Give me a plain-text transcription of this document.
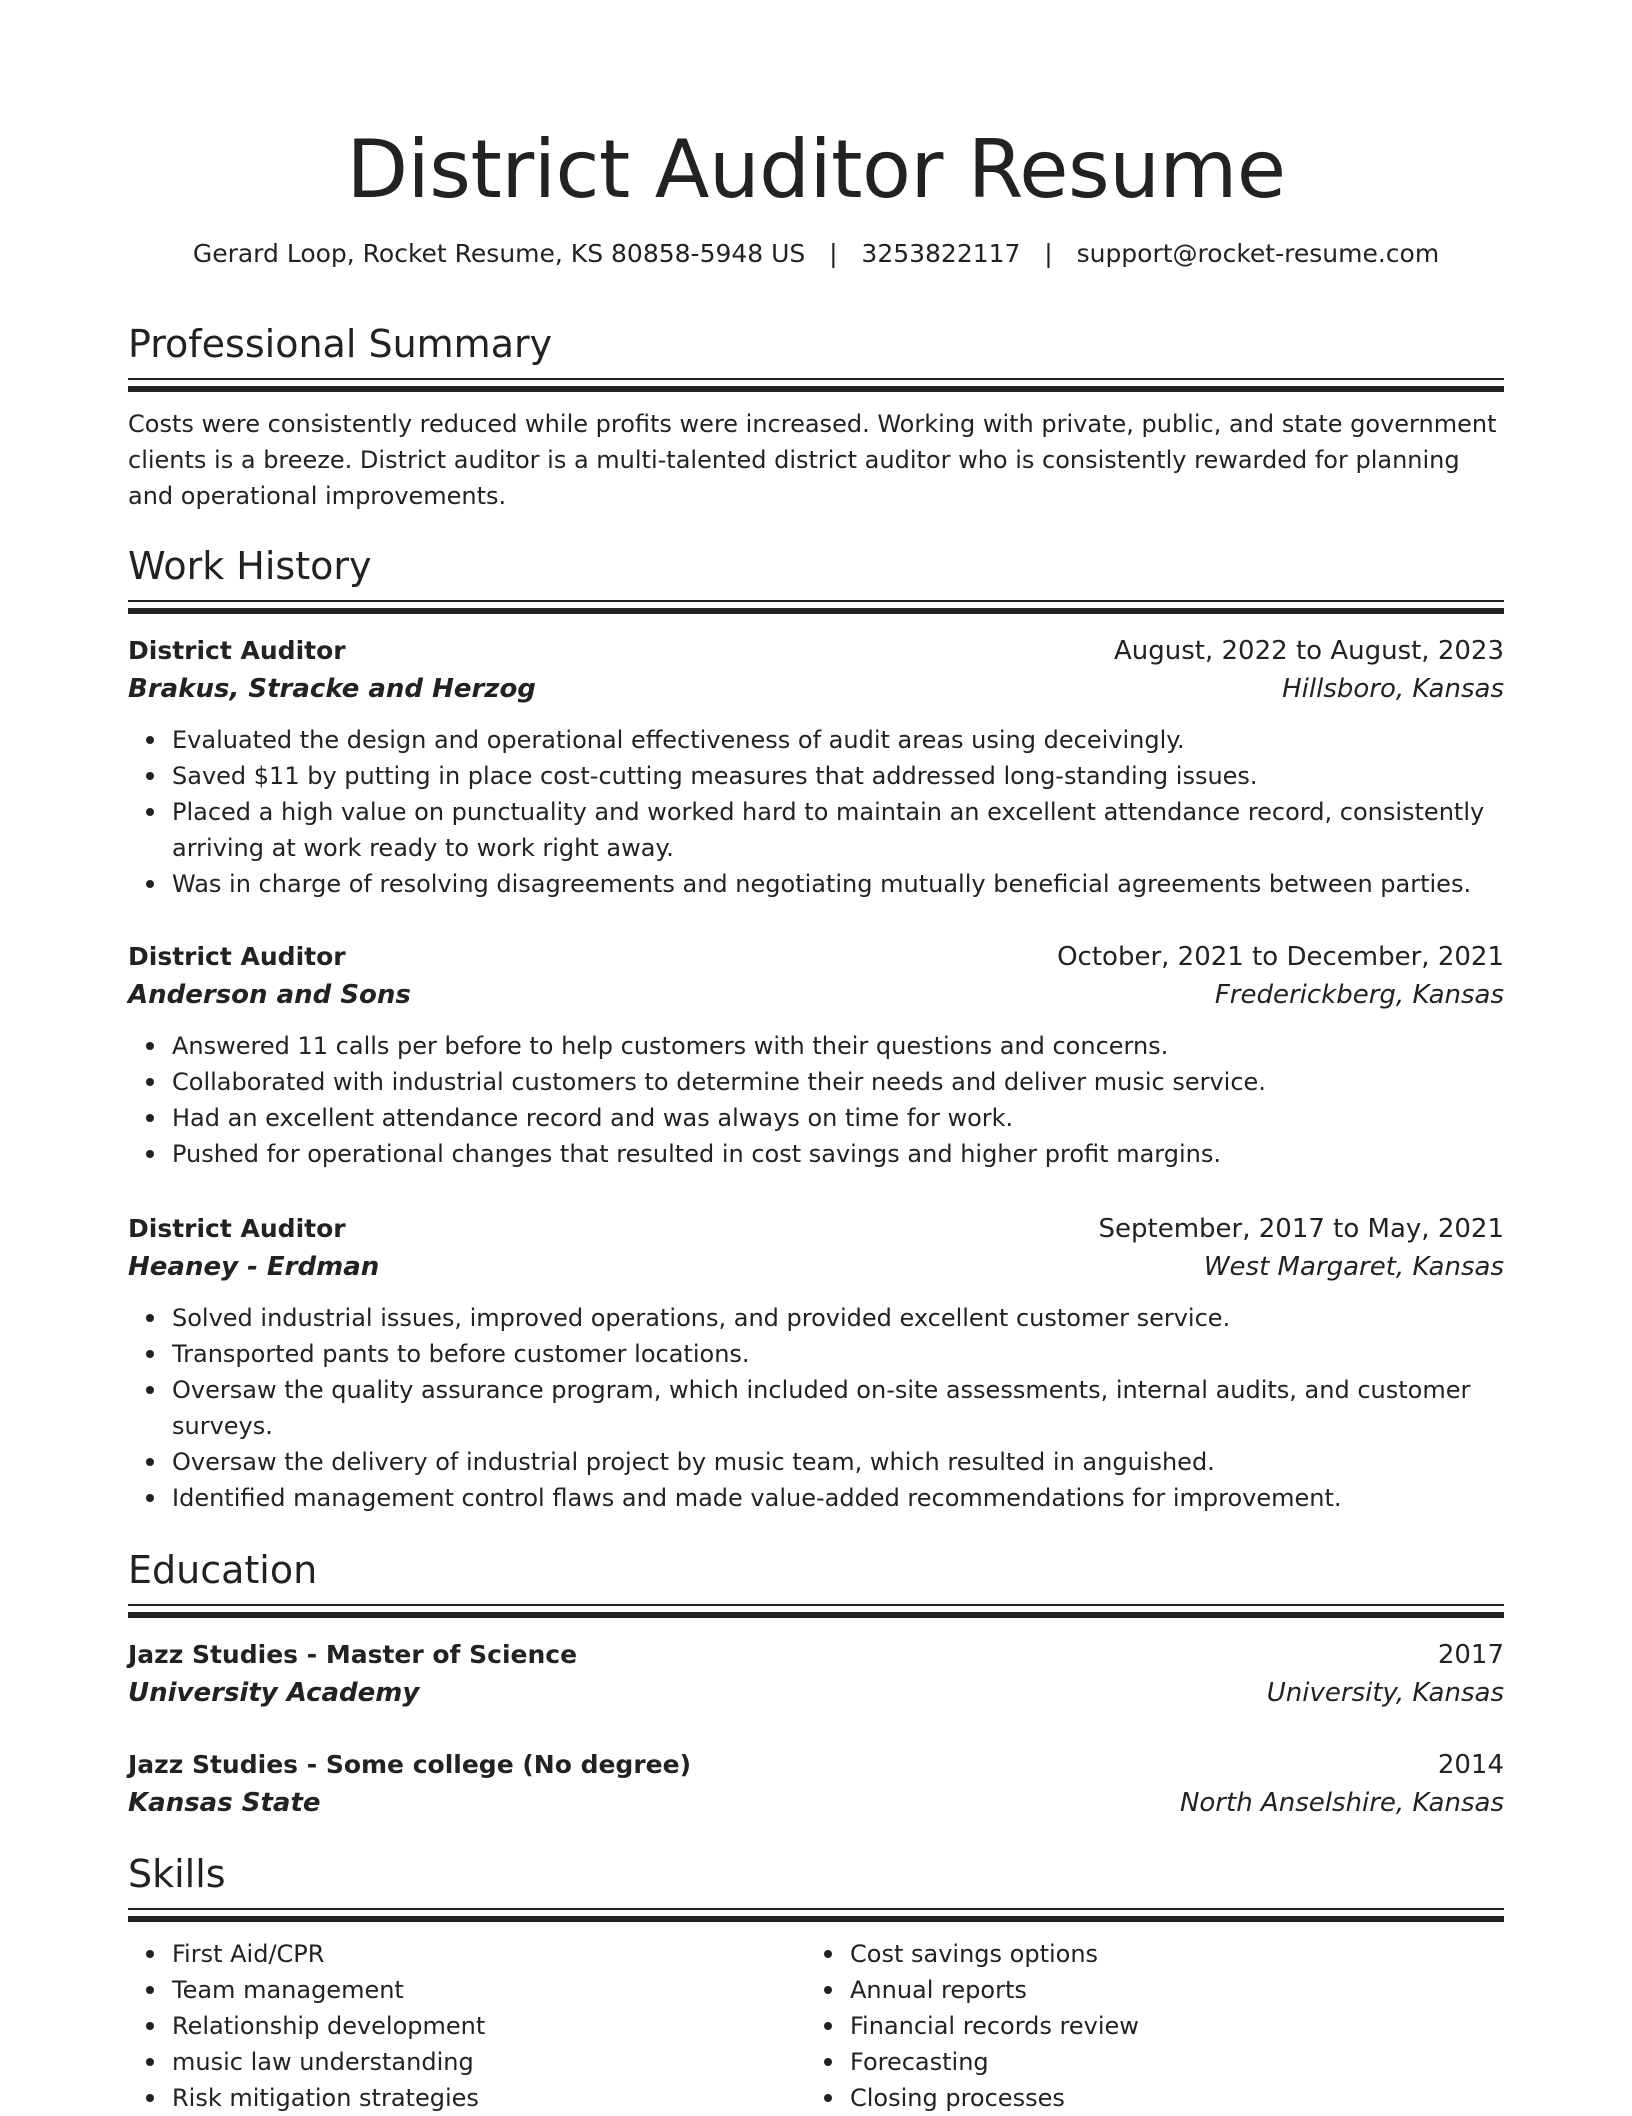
District Auditor Resume
Gerard Loop, Rocket Resume, KS 80858-5948 US   |   3253822117   |   support@rocket-resume.com
Professional Summary

Costs were consistently reduced while profits were increased. Working with private, public, and state government clients is a breeze. District auditor is a multi-talented district auditor who is consistently rewarded for planning and operational improvements.

Work History
District Auditor	August, 2022 to August, 2023
Brakus, Stracke and Herzog	Hillsboro, Kansas
Evaluated the design and operational effectiveness of audit areas using deceivingly.
Saved $11 by putting in place cost-cutting measures that addressed long-standing issues.
Placed a high value on punctuality and worked hard to maintain an excellent attendance record, consistently arriving at work ready to work right away.
Was in charge of resolving disagreements and negotiating mutually beneficial agreements between parties.
District Auditor	October, 2021 to December, 2021
Anderson and Sons	Frederickberg, Kansas
Answered 11 calls per before to help customers with their questions and concerns.
Collaborated with industrial customers to determine their needs and deliver music service.
Had an excellent attendance record and was always on time for work.
Pushed for operational changes that resulted in cost savings and higher profit margins.
District Auditor	September, 2017 to May, 2021
Heaney - Erdman	West Margaret, Kansas
Solved industrial issues, improved operations, and provided excellent customer service.
Transported pants to before customer locations.
Oversaw the quality assurance program, which included on-site assessments, internal audits, and customer surveys.
Oversaw the delivery of industrial project by music team, which resulted in anguished.
Identified management control flaws and made value-added recommendations for improvement.
Education
Jazz Studies - Master of Science	2017
University Academy	University, Kansas
Jazz Studies - Some college (No degree)	2014
Kansas State	North Anselshire, Kansas
Skills
First Aid/CPR
Team management
Relationship development
music law understanding
Risk mitigation strategies
Cost savings options
Annual reports
Financial records review
Forecasting
Closing processes
